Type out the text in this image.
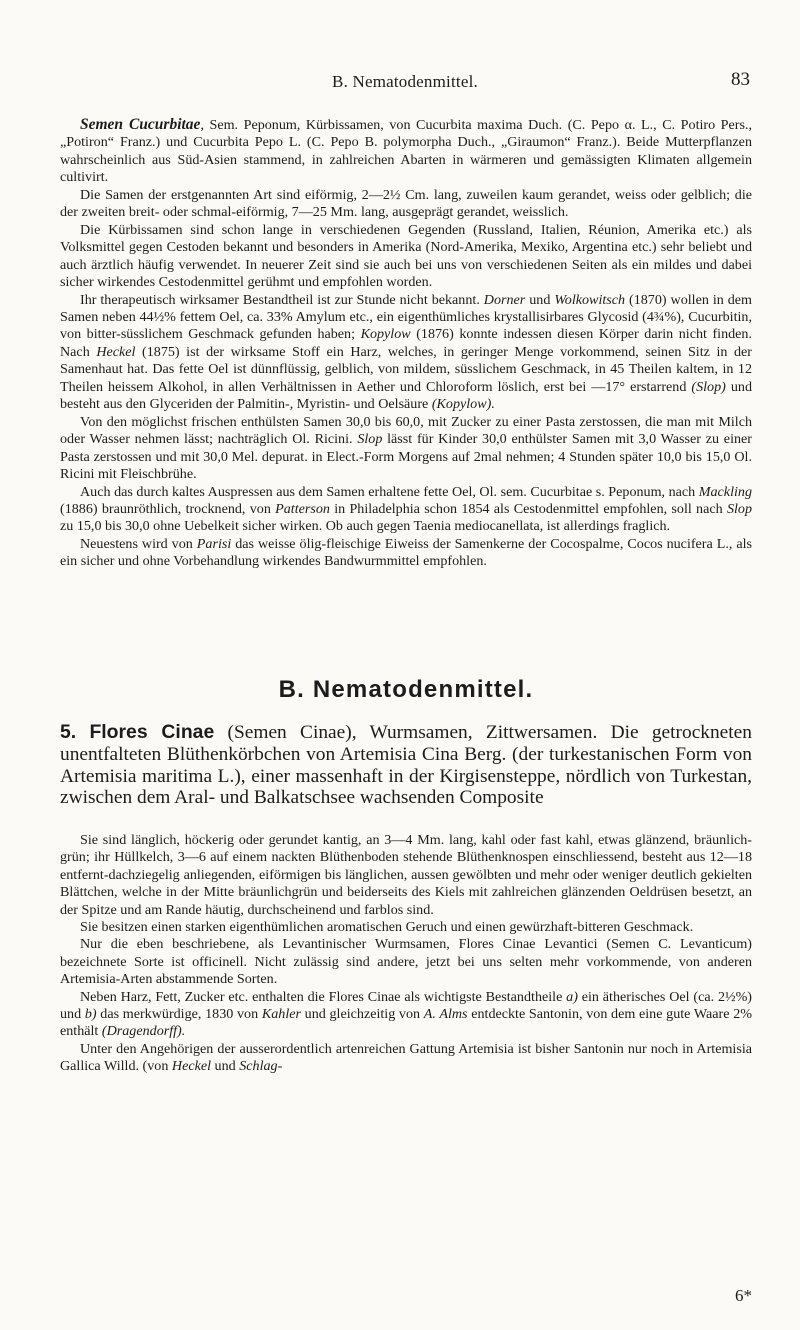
B. Nematodenmittel.	83

Semen Cucurbitae, Sem. Peponum, Kürbissamen, von Cucurbita maxima Duch. (C. Pepo α. L., C. Potiro Pers., „Potiron“ Franz.) und Cucurbita Pepo L. (C. Pepo B. polymorpha Duch., „Giraumon“ Franz.). Beide Mutterpflanzen wahrscheinlich aus Süd-Asien stammend, in zahlreichen Abarten in wärmeren und gemässigten Klimaten allgemein cultivirt.

Die Samen der erstgenannten Art sind eiförmig, 2—2½ Cm. lang, zuweilen kaum gerandet, weiss oder gelblich; die der zweiten breit- oder schmal-eiförmig, 7—25 Mm. lang, ausgeprägt gerandet, weisslich.

Die Kürbissamen sind schon lange in verschiedenen Gegenden (Russland, Italien, Réunion, Amerika etc.) als Volksmittel gegen Cestoden bekannt und besonders in Amerika (Nord-Amerika, Mexiko, Argentina etc.) sehr beliebt und auch ärztlich häufig verwendet. In neuerer Zeit sind sie auch bei uns von verschiedenen Seiten als ein mildes und dabei sicher wirkendes Cestodenmittel gerühmt und empfohlen worden.

Ihr therapeutisch wirksamer Bestandtheil ist zur Stunde nicht bekannt. Dorner und Wolkowitsch (1870) wollen in dem Samen neben 44½% fettem Oel, ca. 33% Amylum etc., ein eigenthümliches krystallisirbares Glycosid (4¾%), Cucurbitin, von bitter-süsslichem Geschmack gefunden haben; Kopylow (1876) konnte indessen diesen Körper darin nicht finden. Nach Heckel (1875) ist der wirksame Stoff ein Harz, welches, in geringer Menge vorkommend, seinen Sitz in der Samenhaut hat. Das fette Oel ist dünnflüssig, gelblich, von mildem, süsslichem Geschmack, in 45 Theilen kaltem, in 12 Theilen heissem Alkohol, in allen Verhältnissen in Aether und Chloroform löslich, erst bei —17° erstarrend (Slop) und besteht aus den Glyceriden der Palmitin-, Myristin- und Oelsäure (Kopylow).

Von den möglichst frischen enthülsten Samen 30,0 bis 60,0, mit Zucker zu einer Pasta zerstossen, die man mit Milch oder Wasser nehmen lässt; nachträglich Ol. Ricini. Slop lässt für Kinder 30,0 enthülster Samen mit 3,0 Wasser zu einer Pasta zerstossen und mit 30,0 Mel. depurat. in Elect.-Form Morgens auf 2mal nehmen; 4 Stunden später 10,0 bis 15,0 Ol. Ricini mit Fleischbrühe.

Auch das durch kaltes Auspressen aus dem Samen erhaltene fette Oel, Ol. sem. Cucurbitae s. Peponum, nach Mackling (1886) braunröthlich, trocknend, von Patterson in Philadelphia schon 1854 als Cestodenmittel empfohlen, soll nach Slop zu 15,0 bis 30,0 ohne Uebelkeit sicher wirken. Ob auch gegen Taenia mediocanellata, ist allerdings fraglich.

Neuestens wird von Parisi das weisse ölig-fleischige Eiweiss der Samenkerne der Cocospalme, Cocos nucifera L., als ein sicher und ohne Vorbehandlung wirkendes Bandwurmmittel empfohlen.

B. Nematodenmittel.
5. Flores Cinae (Semen Cinae), Wurmsamen, Zittwersamen. Die getrockneten unentfalteten Blüthenkörbchen von Artemisia Cina Berg. (der turkestanischen Form von Artemisia maritima L.), einer massenhaft in der Kirgisensteppe, nördlich von Turkestan, zwischen dem Aral- und Balkatschsee wachsenden Composite

Sie sind länglich, höckerig oder gerundet kantig, an 3—4 Mm. lang, kahl oder fast kahl, etwas glänzend, bräunlich-grün; ihr Hüllkelch, 3—6 auf einem nackten Blüthenboden stehende Blüthenknospen einschliessend, besteht aus 12—18 entfernt-dachziegelig anliegenden, eiförmigen bis länglichen, aussen gewölbten und mehr oder weniger deutlich gekielten Blättchen, welche in der Mitte bräunlichgrün und beiderseits des Kiels mit zahlreichen glänzenden Oeldrüsen besetzt, an der Spitze und am Rande häutig, durchscheinend und farblos sind.

Sie besitzen einen starken eigenthümlichen aromatischen Geruch und einen gewürzhaft-bitteren Geschmack.

Nur die eben beschriebene, als Levantinischer Wurmsamen, Flores Cinae Levantici (Semen C. Levanticum) bezeichnete Sorte ist officinell. Nicht zulässig sind andere, jetzt bei uns selten mehr vorkommende, von anderen Artemisia-Arten abstammende Sorten.

Neben Harz, Fett, Zucker etc. enthalten die Flores Cinae als wichtigste Bestandtheile a) ein ätherisches Oel (ca. 2½%) und b) das merkwürdige, 1830 von Kahler und gleichzeitig von A. Alms entdeckte Santonin, von dem eine gute Waare 2% enthält (Dragendorff).

Unter den Angehörigen der ausserordentlich artenreichen Gattung Artemisia ist bisher Santonin nur noch in Artemisia Gallica Willd. (von Heckel und Schlag-

6*
